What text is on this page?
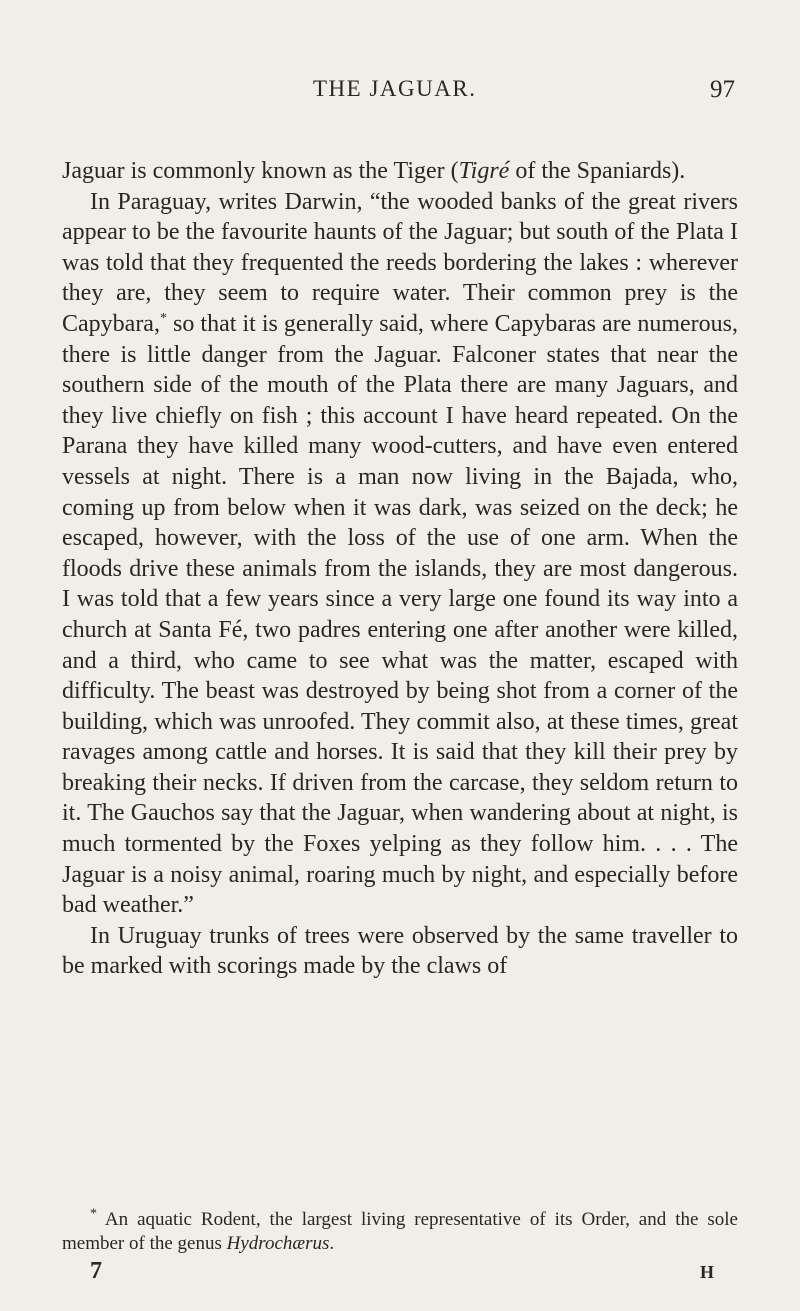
THE JAGUAR.	97

Jaguar is commonly known as the Tiger (Tigré of the Spaniards).

In Paraguay, writes Darwin, “the wooded banks of the great rivers appear to be the favourite haunts of the Jaguar; but south of the Plata I was told that they frequented the reeds bordering the lakes : wherever they are, they seem to require water. Their common prey is the Capybara,* so that it is generally said, where Capybaras are numerous, there is little danger from the Jaguar. Falconer states that near the southern side of the mouth of the Plata there are many Jaguars, and they live chiefly on fish ; this account I have heard repeated. On the Parana they have killed many wood-cutters, and have even entered vessels at night. There is a man now living in the Bajada, who, coming up from below when it was dark, was seized on the deck; he escaped, however, with the loss of the use of one arm. When the floods drive these animals from the islands, they are most dangerous. I was told that a few years since a very large one found its way into a church at Santa Fé, two padres entering one after another were killed, and a third, who came to see what was the matter, escaped with difficulty. The beast was destroyed by being shot from a corner of the building, which was unroofed. They commit also, at these times, great ravages among cattle and horses. It is said that they kill their prey by breaking their necks. If driven from the carcase, they seldom return to it. The Gauchos say that the Jaguar, when wandering about at night, is much tormented by the Foxes yelping as they follow him. . . . The Jaguar is a noisy animal, roaring much by night, and especially before bad weather.”

In Uruguay trunks of trees were observed by the same traveller to be marked with scorings made by the claws of

* An aquatic Rodent, the largest living representative of its Order, and the sole member of the genus Hydrochærus.
7	H
